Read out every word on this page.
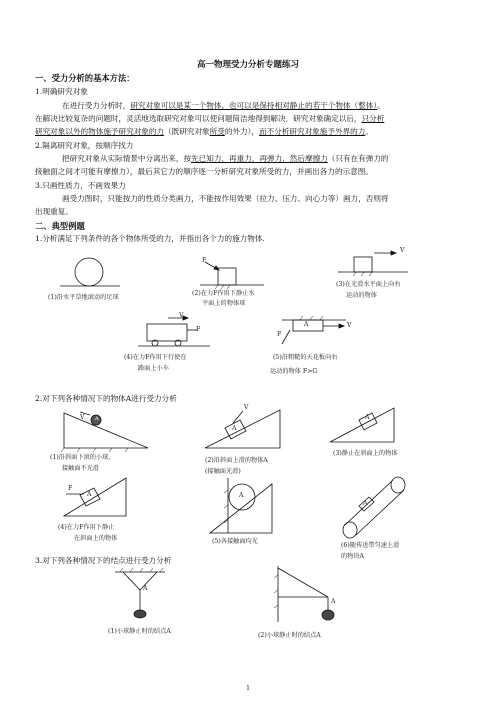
高一物理受力分析专题练习
一、受力分析的基本方法：
1.明确研究对象
在进行受力分析时，研究对象可以是某一个物体，也可以是保持相对静止的若干个物体（整体）。
在解决比较复杂的问题时，灵活地选取研究对象可以使问题简洁地得到解决．研究对象确定以后，只分析
研究对象以外的物体施予研究对象的力（既研究对象所受的外力），而不分析研究对象施予外界的力。
2.隔离研究对象，按顺序找力
把研究对象从实际情景中分离出来，按先已知力，再重力，再弹力，然后摩擦力（只有在有弹力的
接触面之间才可能有摩擦力），最后其它力的顺序逐一分析研究对象所受的力，并画出各力的示意图。
3.只画性质力，不画效果力
画受力图时，只能按力的性质分类画力，不能按作用效果（拉力、压力、向心力等）画力，否则将
出现重复。
二、典型例题
1.分析满足下列条件的各个物体所受的力，并指出各个力的施力物体.
F
V
F
V
A	V
F
(1)沿水平草地滚动的足球
(2)在力F作用下静止水
平面上的物体球
(3)在光滑水平面上向右
运动的物体
(4)在力F作用下行使在
路面上小车
(5)沿粗糙的天花板向右
运动的物体 F>G
2.对下列各种情况下的物体A进行受力分析
V A
V
A
A
F
A	A
A
(1)沿斜面下滚的小球,
接触面不光滑
(2)沿斜面上滑的物体A
(接触面光滑)
(3)静止在斜面上的物体
(4)在力F作用下静止
在斜面上的物体	(5)各接触面均光
(6)随传送带匀速上滑
的物块A
3.对下列各种情况下的结点进行受力分析
A
A
(1)小球静止时的结点A
(2)小球静止时的结点A
1
